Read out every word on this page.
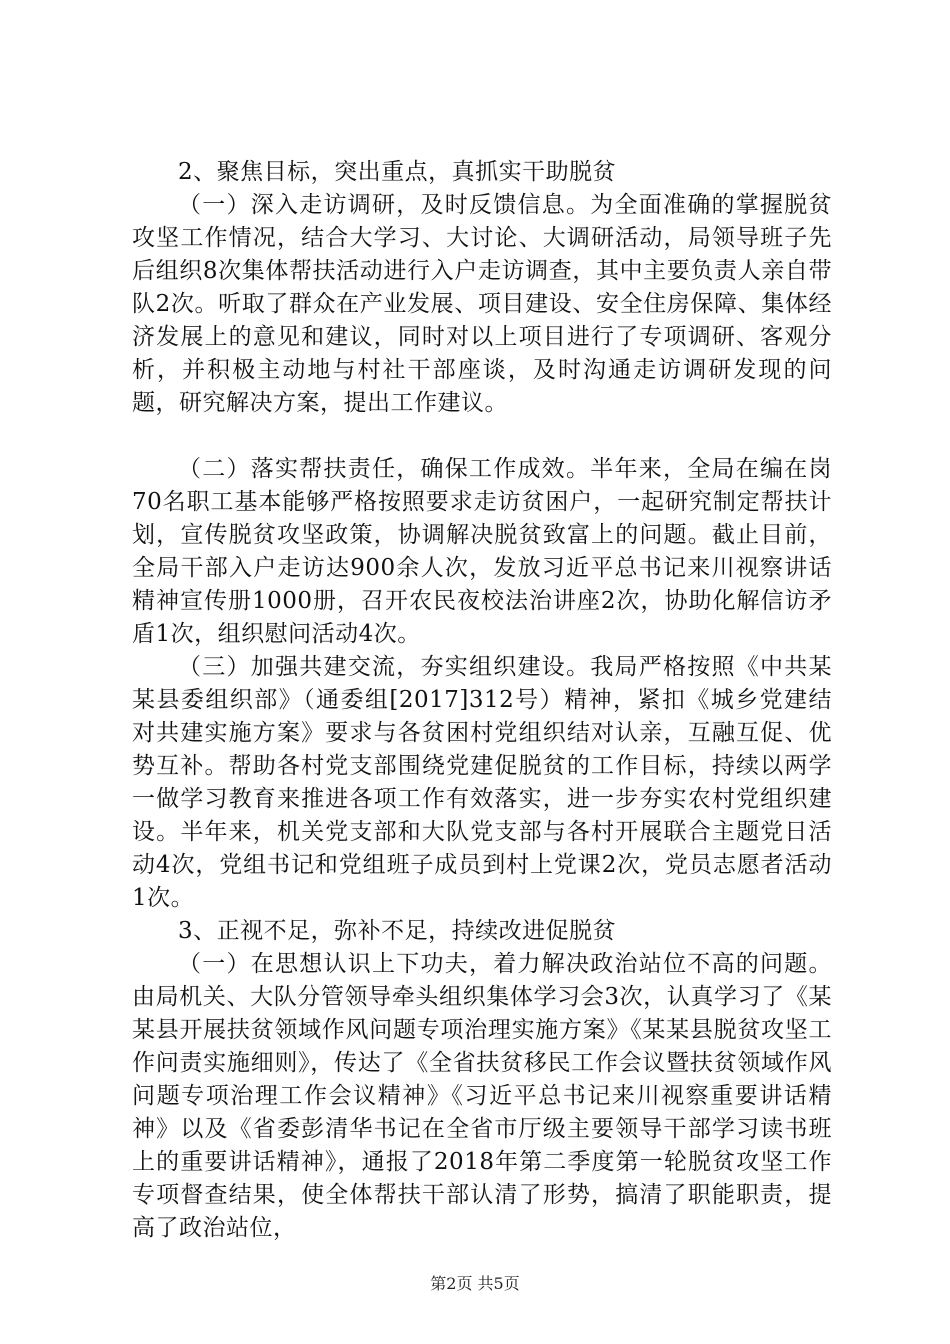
2、聚焦目标，突出重点，真抓实干助脱贫

（一）深入走访调研，及时反馈信息。为全面准确的掌握脱贫攻坚工作情况，结合大学习、大讨论、大调研活动，局领导班子先后组织8次集体帮扶活动进行入户走访调查，其中主要负责人亲自带队2次。听取了群众在产业发展、项目建设、安全住房保障、集体经济发展上的意见和建议，同时对以上项目进行了专项调研、客观分析，并积极主动地与村社干部座谈，及时沟通走访调研发现的问题，研究解决方案，提出工作建议。

（二）落实帮扶责任，确保工作成效。半年来，全局在编在岗70名职工基本能够严格按照要求走访贫困户，一起研究制定帮扶计划，宣传脱贫攻坚政策，协调解决脱贫致富上的问题。截止目前，全局干部入户走访达900余人次，发放习近平总书记来川视察讲话精神宣传册1000册，召开农民夜校法治讲座2次，协助化解信访矛盾1次，组织慰问活动4次。

（三）加强共建交流，夯实组织建设。我局严格按照《中共某某县委组织部》（通委组[2017]312号）精神，紧扣《城乡党建结对共建实施方案》要求与各贫困村党组织结对认亲，互融互促、优势互补。帮助各村党支部围绕党建促脱贫的工作目标，持续以两学一做学习教育来推进各项工作有效落实，进一步夯实农村党组织建设。半年来，机关党支部和大队党支部与各村开展联合主题党日活动4次，党组书记和党组班子成员到村上党课2次，党员志愿者活动1次。

3、正视不足，弥补不足，持续改进促脱贫

（一）在思想认识上下功夫，着力解决政治站位不高的问题。由局机关、大队分管领导牵头组织集体学习会3次，认真学习了《某某县开展扶贫领域作风问题专项治理实施方案》《某某县脱贫攻坚工作问责实施细则》，传达了《全省扶贫移民工作会议暨扶贫领域作风问题专项治理工作会议精神》《习近平总书记来川视察重要讲话精神》以及《省委彭清华书记在全省市厅级主要领导干部学习读书班上的重要讲话精神》，通报了2018年第二季度第一轮脱贫攻坚工作专项督查结果，使全体帮扶干部认清了形势，搞清了职能职责，提高了政治站位，

第2页 共5页
